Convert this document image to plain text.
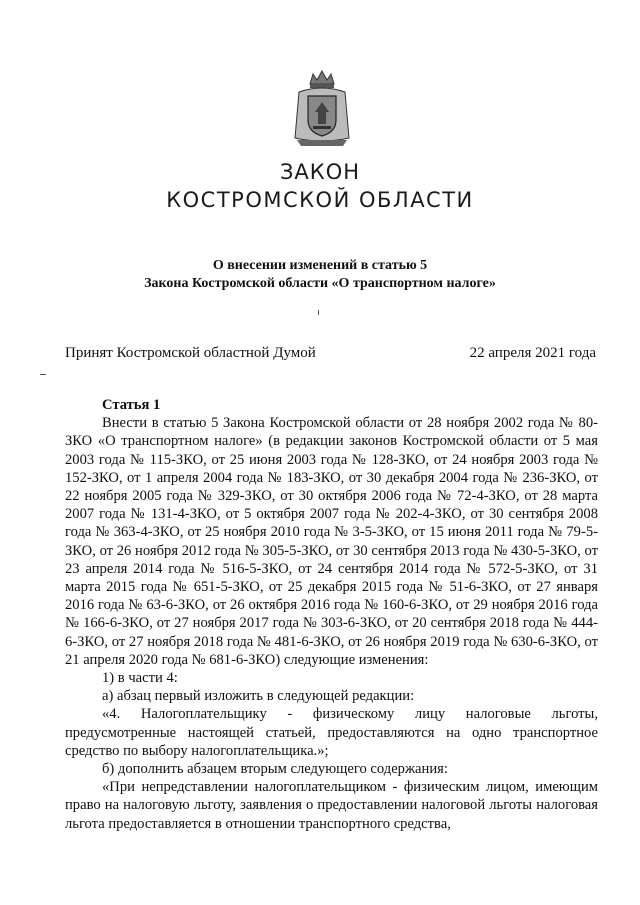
ЗАКОН
КОСТРОМСКОЙ ОБЛАСТИ
О внесении изменений в статью 5
Закона Костромской области «О транспортном налоге»
Принят Костромской областной Думой	22 апреля 2021 года

Статья 1

Внести в статью 5 Закона Костромской области от 28 ноября 2002 года № 80-ЗКО «О транспортном налоге» (в редакции законов Костромской области от 5 мая 2003 года № 115-ЗКО, от 25 июня 2003 года № 128-ЗКО, от 24 ноября 2003 года № 152-ЗКО, от 1 апреля 2004 года № 183-ЗКО, от 30 декабря 2004 года № 236-ЗКО, от 22 ноября 2005 года № 329-ЗКО, от 30 октября 2006 года № 72-4-ЗКО, от 28 марта 2007 года № 131-4-ЗКО, от 5 октября 2007 года № 202-4-ЗКО, от 30 сентября 2008 года № 363-4-ЗКО, от 25 ноября 2010 года № 3-5-ЗКО, от 15 июня 2011 года № 79-5-ЗКО, от 26 ноября 2012 года № 305-5-ЗКО, от 30 сентября 2013 года № 430-5-ЗКО, от 23 апреля 2014 года № 516-5-ЗКО, от 24 сентября 2014 года № 572-5-ЗКО, от 31 марта 2015 года № 651-5-ЗКО, от 25 декабря 2015 года № 51-6-ЗКО, от 27 января 2016 года № 63-6-ЗКО, от 26 октября 2016 года № 160-6-ЗКО, от 29 ноября 2016 года № 166-6-ЗКО, от 27 ноября 2017 года № 303-6-ЗКО, от 20 сентября 2018 года № 444-6-ЗКО, от 27 ноября 2018 года № 481-6-ЗКО, от 26 ноября 2019 года № 630-6-ЗКО, от 21 апреля 2020 года № 681-6-ЗКО) следующие изменения:

1) в части 4:

а) абзац первый изложить в следующей редакции:

«4. Налогоплательщику - физическому лицу налоговые льготы, предусмотренные настоящей статьей, предоставляются на одно транспортное средство по выбору налогоплательщика.»;

б) дополнить абзацем вторым следующего содержания:

«При непредставлении налогоплательщиком - физическим лицом, имеющим право на налоговую льготу, заявления о предоставлении налоговой льготы налоговая льгота предоставляется в отношении транспортного средства,
